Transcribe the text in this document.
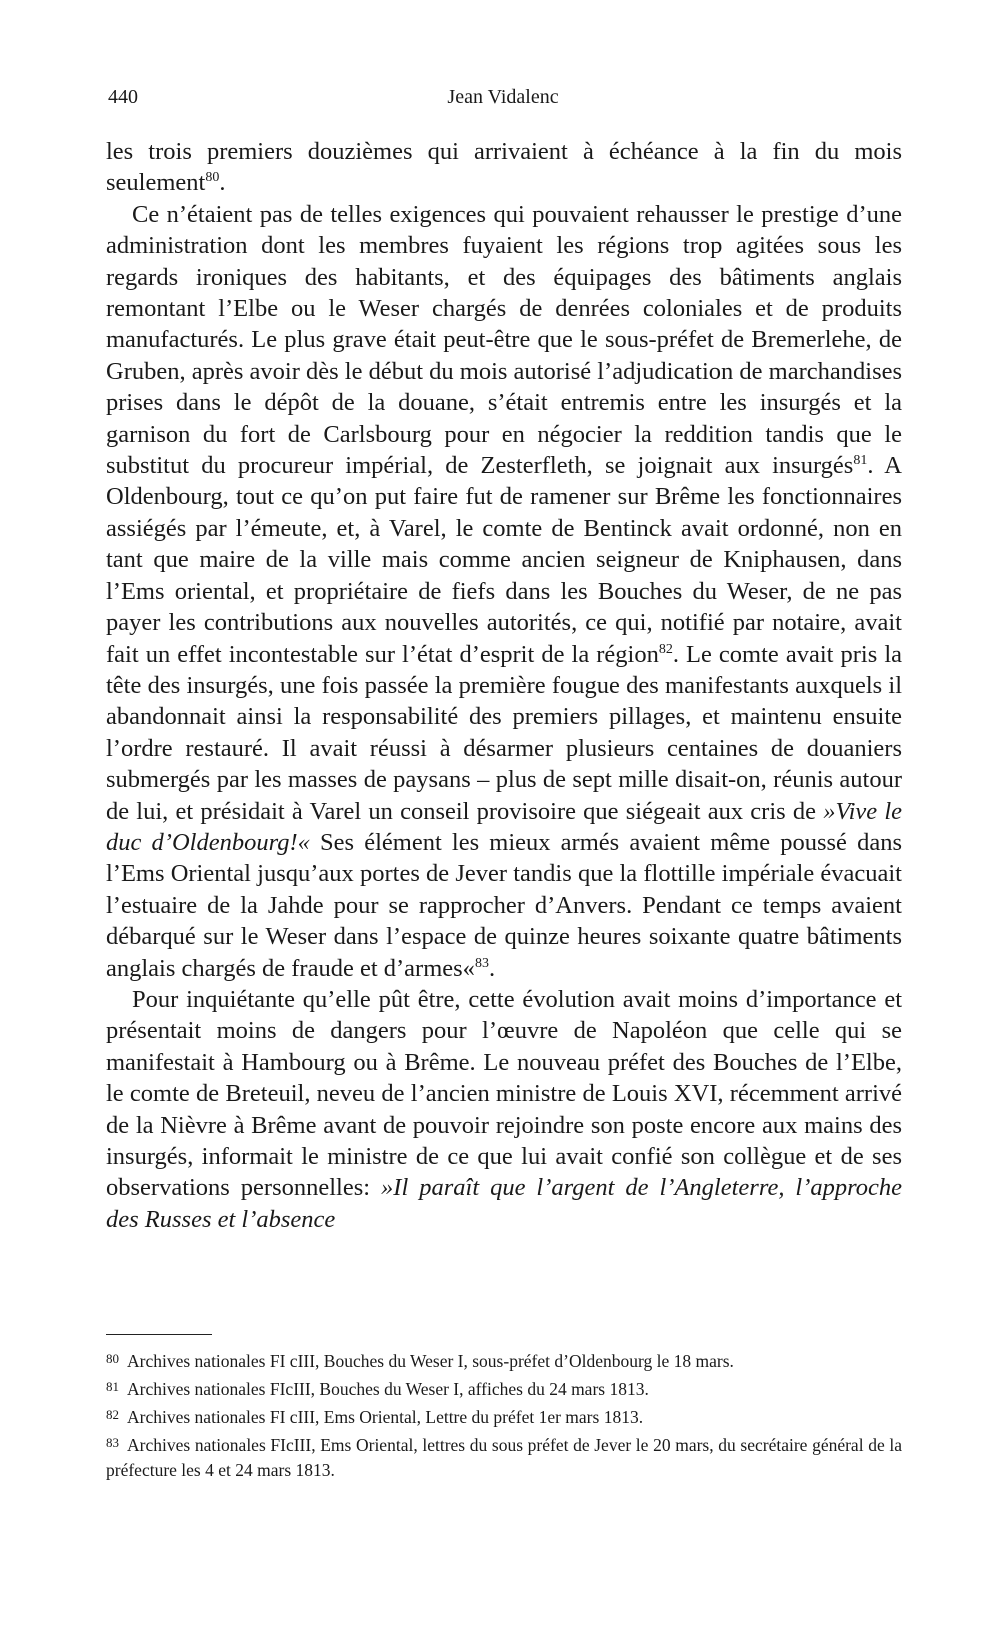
440	Jean Vidalenc

les trois premiers douzièmes qui arrivaient à échéance à la fin du mois seulement$^{80}$.

Ce n’étaient pas de telles exigences qui pouvaient rehausser le prestige d’une administration dont les membres fuyaient les régions trop agitées sous les regards ironiques des habitants, et des équipages des bâtiments anglais remontant l’Elbe ou le Weser chargés de denrées coloniales et de produits manufacturés. Le plus grave était peut-être que le sous-préfet de Bremerlehe, de Gruben, après avoir dès le début du mois autorisé l’adjudication de marchandises prises dans le dépôt de la douane, s’était entremis entre les insurgés et la garnison du fort de Carlsbourg pour en négocier la reddition tandis que le substitut du procureur impérial, de Zesterfleth, se joignait aux insurgés$^{81}$. A Oldenbourg, tout ce qu’on put faire fut de ramener sur Brême les fonctionnaires assiégés par l’émeute, et, à Varel, le comte de Bentinck avait ordonné, non en tant que maire de la ville mais comme ancien seigneur de Kniphausen, dans l’Ems oriental, et propriétaire de fiefs dans les Bouches du Weser, de ne pas payer les contributions aux nouvelles autorités, ce qui, notifié par notaire, avait fait un effet incontestable sur l’état d’esprit de la région$^{82}$. Le comte avait pris la tête des insurgés, une fois passée la première fougue des manifestants auxquels il abandonnait ainsi la responsabilité des premiers pillages, et maintenu ensuite l’ordre restauré. Il avait réussi à désarmer plusieurs centaines de douaniers submergés par les masses de paysans – plus de sept mille disait-on, réunis autour de lui, et présidait à Varel un conseil provisoire que siégeait aux cris de »Vive le duc d’Oldenbourg!« Ses élément les mieux armés avaient même poussé dans l’Ems Oriental jusqu’aux portes de Jever tandis que la flottille impériale évacuait l’estuaire de la Jahde pour se rapprocher d’Anvers. Pendant ce temps avaient débarqué sur le Weser dans l’espace de quinze heures soixante quatre bâtiments anglais chargés de fraude et d’armes«$^{83}$.

Pour inquiétante qu’elle pût être, cette évolution avait moins d’importance et présentait moins de dangers pour l’œuvre de Napoléon que celle qui se manifestait à Hambourg ou à Brême. Le nouveau préfet des Bouches de l’Elbe, le comte de Breteuil, neveu de l’ancien ministre de Louis XVI, récemment arrivé de la Nièvre à Brême avant de pouvoir rejoindre son poste encore aux mains des insurgés, informait le ministre de ce que lui avait confié son collègue et de ses observations personnelles: »Il paraît que l’argent de l’Angleterre, l’approche des Russes et l’absence

$^{80}$ Archives nationales FI cIII, Bouches du Weser I, sous-préfet d’Oldenbourg le 18 mars.

$^{81}$ Archives nationales FIcIII, Bouches du Weser I, affiches du 24 mars 1813.

$^{82}$ Archives nationales FI cIII, Ems Oriental, Lettre du préfet 1er mars 1813.

$^{83}$ Archives nationales FIcIII, Ems Oriental, lettres du sous préfet de Jever le 20 mars, du secrétaire général de la préfecture les 4 et 24 mars 1813.
